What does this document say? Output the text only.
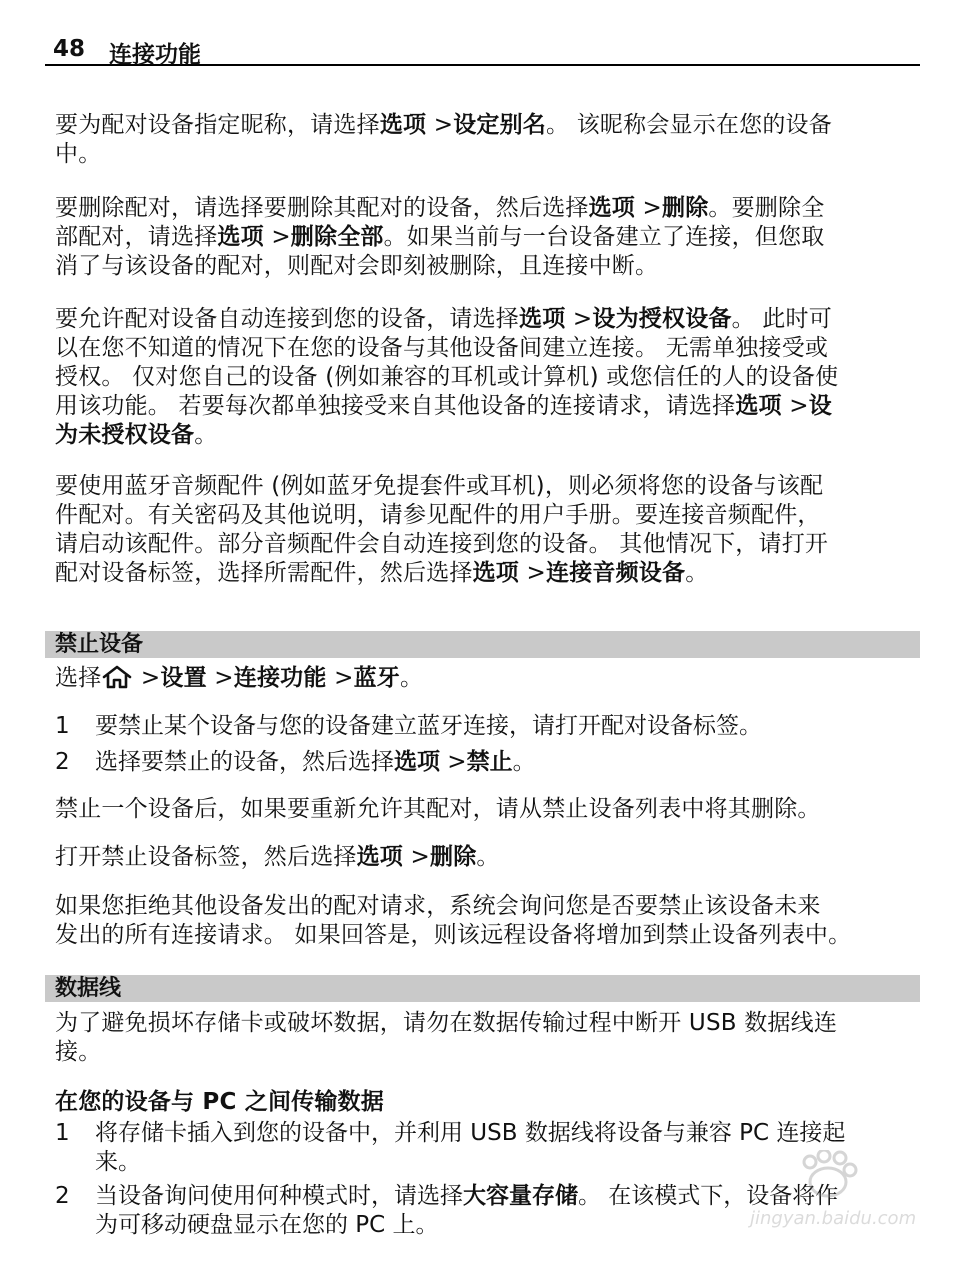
48 连接功能

要为配对设备指定昵称，请选择选项 >设定别名。 该昵称会显示在您的设备
中。

要删除配对，请选择要删除其配对的设备，然后选择选项 >删除。要删除全
部配对，请选择选项 >删除全部。如果当前与一台设备建立了连接，但您取
消了与该设备的配对，则配对会即刻被删除，且连接中断。

要允许配对设备自动连接到您的设备，请选择选项 >设为授权设备。 此时可
以在您不知道的情况下在您的设备与其他设备间建立连接。 无需单独接受或
授权。 仅对您自己的设备 (例如兼容的耳机或计算机) 或您信任的人的设备使
用该功能。 若要每次都单独接受来自其他设备的连接请求，请选择选项 >设
为未授权设备。

要使用蓝牙音频配件 (例如蓝牙免提套件或耳机)，则必须将您的设备与该配
件配对。有关密码及其他说明，请参见配件的用户手册。要连接音频配件，
请启动该配件。部分音频配件会自动连接到您的设备。 其他情况下，请打开
配对设备标签，选择所需配件，然后选择选项 >连接音频设备。

禁止设备

选择 >设置 >连接功能 >蓝牙。

1 要禁止某个设备与您的设备建立蓝牙连接，请打开配对设备标签。
2 选择要禁止的设备，然后选择选项 >禁止。

禁止一个设备后，如果要重新允许其配对，请从禁止设备列表中将其删除。

打开禁止设备标签，然后选择选项 >删除。

如果您拒绝其他设备发出的配对请求，系统会询问您是否要禁止该设备未来
发出的所有连接请求。 如果回答是，则该远程设备将增加到禁止设备列表中。

数据线

为了避免损坏存储卡或破坏数据，请勿在数据传输过程中断开 USB 数据线连
接。

在您的设备与 PC 之间传输数据

1 将存储卡插入到您的设备中，并利用 USB 数据线将设备与兼容 PC 连接起
来。
2 当设备询问使用何种模式时，请选择大容量存储。 在该模式下，设备将作
为可移动硬盘显示在您的 PC 上。	jingyan.baidu.com
